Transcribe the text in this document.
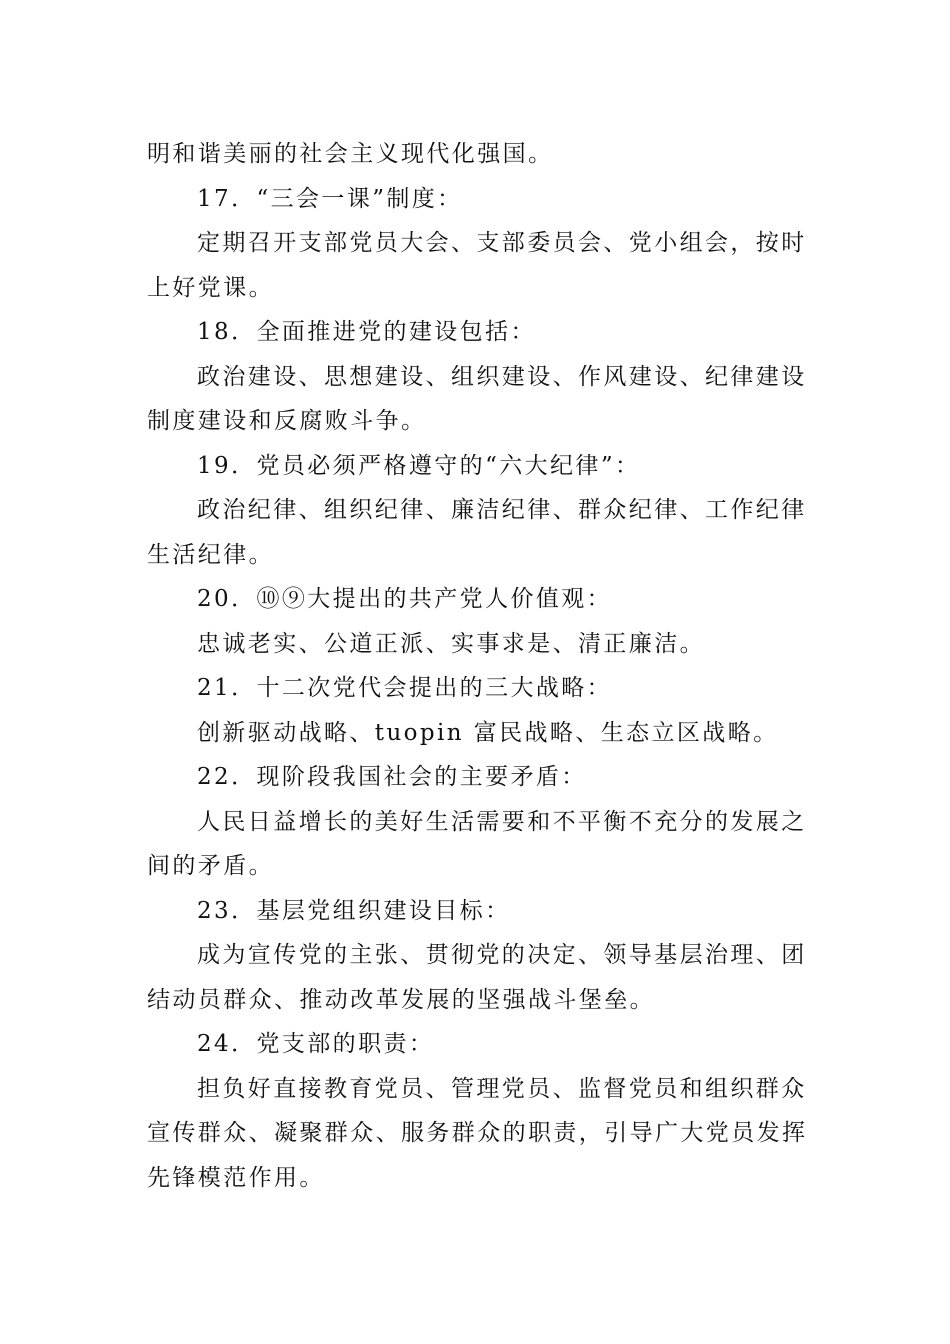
明和谐美丽的社会主义现代化强国。
17．“三会一课”制度：
定期召开支部党员大会、支部委员会、党小组会，按时
上好党课。
18．全面推进党的建设包括：
政治建设、思想建设、组织建设、作风建设、纪律建设
制度建设和反腐败斗争。
19．党员必须严格遵守的“六大纪律”：
政治纪律、组织纪律、廉洁纪律、群众纪律、工作纪律
生活纪律。
20．⑩⑨大提出的共产党人价值观：
忠诚老实、公道正派、实事求是、清正廉洁。
21．十二次党代会提出的三大战略：
创新驱动战略、tuopin 富民战略、生态立区战略。
22．现阶段我国社会的主要矛盾：
人民日益增长的美好生活需要和不平衡不充分的发展之
间的矛盾。
23．基层党组织建设目标：
成为宣传党的主张、贯彻党的决定、领导基层治理、团
结动员群众、推动改革发展的坚强战斗堡垒。
24．党支部的职责：
担负好直接教育党员、管理党员、监督党员和组织群众
宣传群众、凝聚群众、服务群众的职责，引导广大党员发挥
先锋模范作用。
